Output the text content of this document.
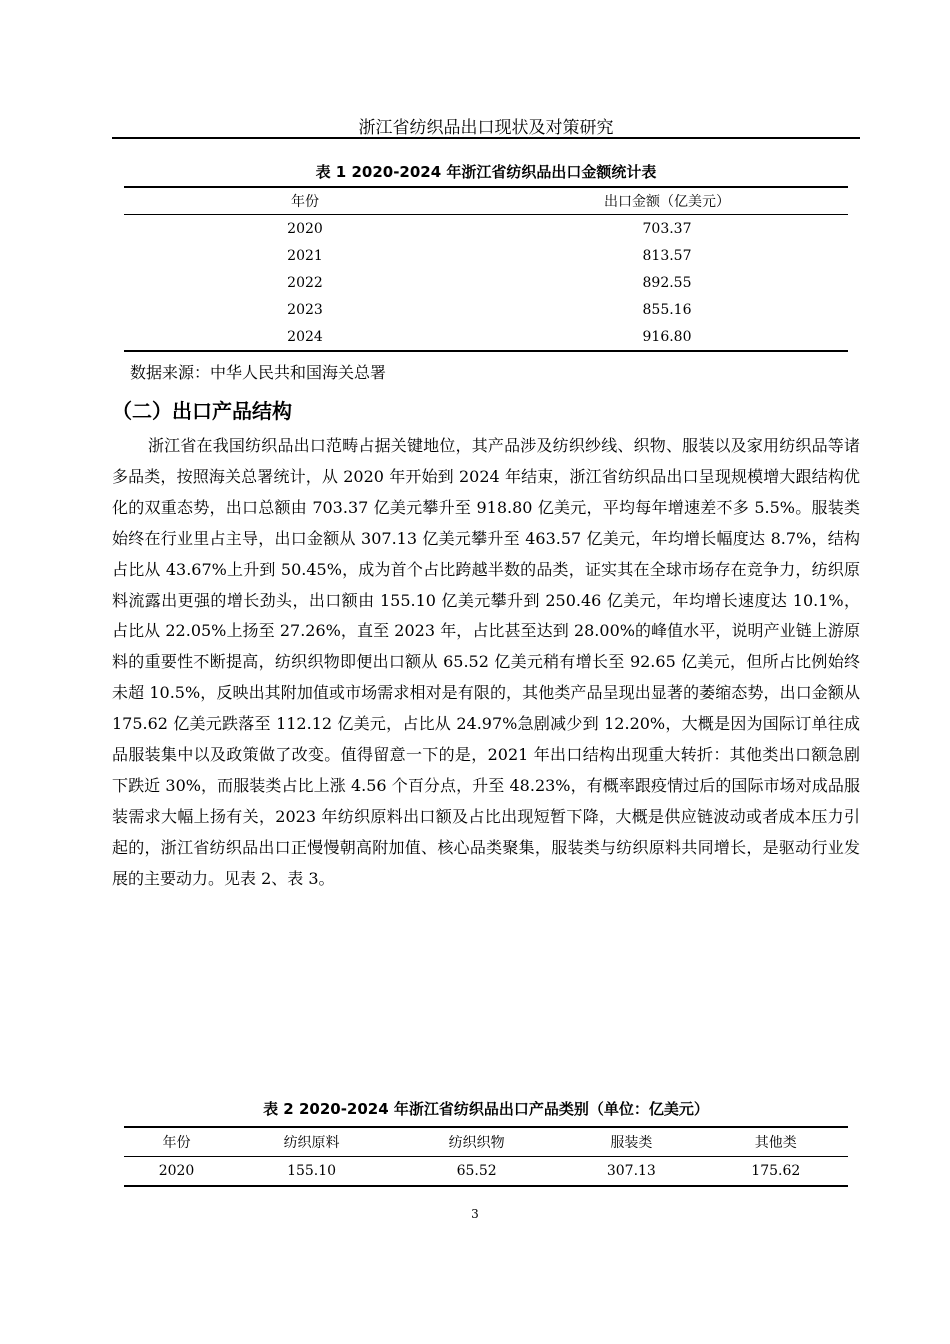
浙江省纺织品出口现状及对策研究
表 1 2020-2024 年浙江省纺织品出口金额统计表
年份	出口金额（亿美元）
2020	703.37
2021	813.57
2022	892.55
2023	855.16
2024	916.80
数据来源：中华人民共和国海关总署
（二）出口产品结构
浙江省在我国纺织品出口范畴占据关键地位，其产品涉及纺织纱线、织物、服装以及家用纺织品等诸多品类，按照海关总署统计，从 2020 年开始到 2024 年结束，浙江省纺织品出口呈现规模增大跟结构优化的双重态势，出口总额由 703.37 亿美元攀升至 918.80 亿美元，平均每年增速差不多 5.5%。服装类始终在行业里占主导，出口金额从 307.13 亿美元攀升至 463.57 亿美元，年均增长幅度达 8.7%，结构占比从 43.67%上升到 50.45%，成为首个占比跨越半数的品类，证实其在全球市场存在竞争力，纺织原料流露出更强的增长劲头，出口额由 155.10 亿美元攀升到 250.46 亿美元，年均增长速度达 10.1%，占比从 22.05%上扬至 27.26%，直至 2023 年，占比甚至达到 28.00%的峰值水平，说明产业链上游原料的重要性不断提高，纺织织物即便出口额从 65.52 亿美元稍有增长至 92.65 亿美元，但所占比例始终未超 10.5%，反映出其附加值或市场需求相对是有限的，其他类产品呈现出显著的萎缩态势，出口金额从 175.62 亿美元跌落至 112.12 亿美元，占比从 24.97%急剧减少到 12.20%，大概是因为国际订单往成品服装集中以及政策做了改变。值得留意一下的是，2021 年出口结构出现重大转折：其他类出口额急剧下跌近 30%，而服装类占比上涨 4.56 个百分点，升至 48.23%，有概率跟疫情过后的国际市场对成品服装需求大幅上扬有关，2023 年纺织原料出口额及占比出现短暂下降，大概是供应链波动或者成本压力引起的，浙江省纺织品出口正慢慢朝高附加值、核心品类聚集，服装类与纺织原料共同增长，是驱动行业发展的主要动力。见表 2、表 3。
表 2 2020-2024 年浙江省纺织品出口产品类别（单位：亿美元）
年份	纺织原料	纺织织物	服装类	其他类
2020	155.10	65.52	307.13	175.62
3
